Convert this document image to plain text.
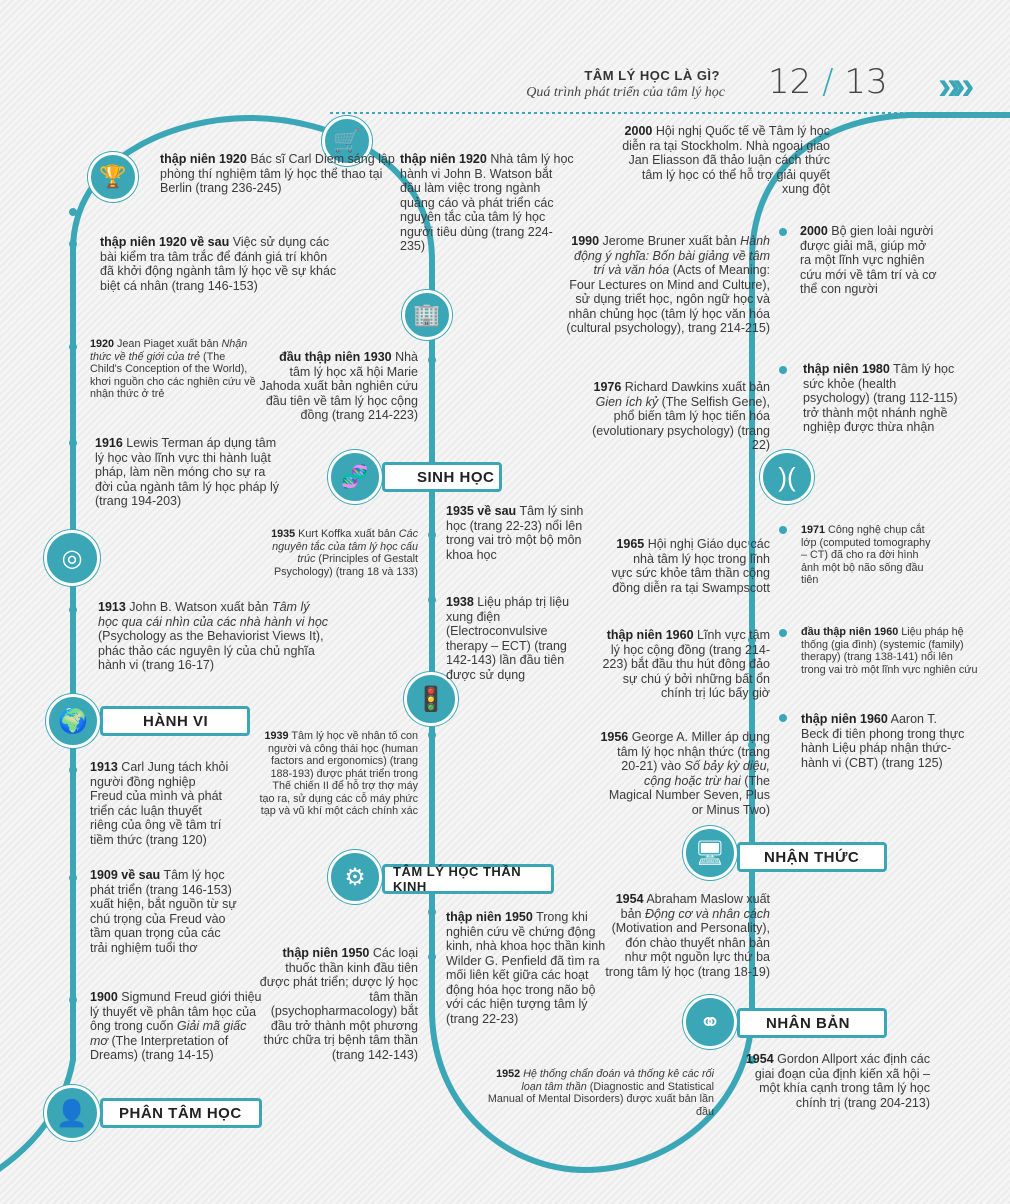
TÂM LÝ HỌC LÀ GÌ?
Quá trình phát triển của tâm lý học 12 / 13 »»
🏆
🛒
🏢
🧬
◎
🌍
🚦
⚙
)(
🖥
⚭
👤
SINH HỌC
HÀNH VI
TÂM LÝ HỌC THẦN KINH
NHẬN THỨC
NHÂN BẢN
PHÂN TÂM HỌC
thập niên 1920 Bác sĩ Carl Diem sáng lập phòng thí nghiệm tâm lý học thể thao tại Berlin (trang 236-245)
thập niên 1920 về sau Việc sử dụng các bài kiểm tra tâm trắc để đánh giá trí khôn đã khởi động ngành tâm lý học về sự khác biệt cá nhân (trang 146-153)
1920 Jean Piaget xuất bản Nhận thức về thế giới của trẻ (The Child's Conception of the World), khơi nguồn cho các nghiên cứu về nhận thức ở trẻ
1916 Lewis Terman áp dụng tâm lý học vào lĩnh vực thi hành luật pháp, làm nền móng cho sự ra đời của ngành tâm lý học pháp lý (trang 194-203)
1913 John B. Watson xuất bản Tâm lý học qua cái nhìn của các nhà hành vi học (Psychology as the Behaviorist Views It), phác thảo các nguyên lý của chủ nghĩa hành vi (trang 16-17)
1913 Carl Jung tách khỏi người đồng nghiệp Freud của mình và phát triển các luận thuyết riêng của ông về tâm trí tiềm thức (trang 120)
1909 về sau Tâm lý học phát triển (trang 146-153) xuất hiện, bắt nguồn từ sự chú trọng của Freud vào tầm quan trọng của các trải nghiệm tuổi thơ
1900 Sigmund Freud giới thiệu lý thuyết về phân tâm học của ông trong cuốn Giải mã giấc mơ (The Interpretation of Dreams) (trang 14-15)
thập niên 1920 Nhà tâm lý học hành vi John B. Watson bắt đầu làm việc trong ngành quảng cáo và phát triển các nguyên tắc của tâm lý học người tiêu dùng (trang 224-235)
đầu thập niên 1930 Nhà tâm lý học xã hội Marie Jahoda xuất bản nghiên cứu đầu tiên về tâm lý học cộng đồng (trang 214-223)
1935 Kurt Koffka xuất bản Các nguyên tắc của tâm lý học cấu trúc (Principles of Gestalt Psychology) (trang 18 và 133)
1935 về sau Tâm lý sinh học (trang 22-23) nổi lên trong vai trò một bộ môn khoa học
1938 Liệu pháp trị liệu xung điện (Electroconvulsive therapy – ECT) (trang 142-143) lần đầu tiên được sử dụng
1939 Tâm lý học về nhân tố con người và công thái học (human factors and ergonomics) (trang 188-193) được phát triển trong Thế chiến II để hỗ trợ thợ máy tạo ra, sử dụng các cỗ máy phức tạp và vũ khí một cách chính xác
thập niên 1950 Trong khi nghiên cứu về chứng động kinh, nhà khoa học thần kinh Wilder G. Penfield đã tìm ra mối liên kết giữa các hoạt động hóa học trong não bộ với các hiện tượng tâm lý (trang 22-23)
thập niên 1950 Các loại thuốc thần kinh đầu tiên được phát triển; dược lý học tâm thần (psychopharmacology) bắt đầu trở thành một phương thức chữa trị bệnh tâm thần (trang 142-143)
1952 Hệ thống chẩn đoán và thống kê các rối loạn tâm thần (Diagnostic and Statistical Manual of Mental Disorders) được xuất bản lần đầu
2000 Hội nghị Quốc tế về Tâm lý học diễn ra tại Stockholm. Nhà ngoại giao Jan Eliasson đã thảo luận cách thức tâm lý học có thể hỗ trợ giải quyết xung đột
1990 Jerome Bruner xuất bản Hành động ý nghĩa: Bốn bài giảng về tâm trí và văn hóa (Acts of Meaning: Four Lectures on Mind and Culture), sử dụng triết học, ngôn ngữ học và nhân chủng học (tâm lý học văn hóa (cultural psychology), trang 214-215)
1976 Richard Dawkins xuất bản Gien ích kỷ (The Selfish Gene), phổ biến tâm lý học tiến hóa (evolutionary psychology) (trang 22)
1965 Hội nghị Giáo dục các nhà tâm lý học trong lĩnh vực sức khỏe tâm thần cộng đồng diễn ra tại Swampscott
thập niên 1960 Lĩnh vực tâm lý học cộng đồng (trang 214-223) bắt đầu thu hút đông đảo sự chú ý bởi những bất ổn chính trị lúc bấy giờ
1956 George A. Miller áp dụng tâm lý học nhận thức (trang 20-21) vào Số bảy kỳ diệu, cộng hoặc trừ hai (The Magical Number Seven, Plus or Minus Two)
1954 Abraham Maslow xuất bản Động cơ và nhân cách (Motivation and Personality), đón chào thuyết nhân bản như một nguồn lực thứ ba trong tâm lý học (trang 18-19)
1954 Gordon Allport xác định các giai đoạn của định kiến xã hội – một khía cạnh trong tâm lý học chính trị (trang 204-213)
2000 Bộ gien loài người được giải mã, giúp mở ra một lĩnh vực nghiên cứu mới về tâm trí và cơ thể con người
thập niên 1980 Tâm lý học sức khỏe (health psychology) (trang 112-115) trở thành một nhánh nghề nghiệp được thừa nhận
1971 Công nghệ chụp cắt lớp (computed tomography – CT) đã cho ra đời hình ảnh một bộ não sống đầu tiên
đầu thập niên 1960 Liệu pháp hệ thống (gia đình) (systemic (family) therapy) (trang 138-141) nổi lên trong vai trò một lĩnh vực nghiên cứu
thập niên 1960 Aaron T. Beck đi tiên phong trong thực hành Liệu pháp nhận thức-hành vi (CBT) (trang 125)
